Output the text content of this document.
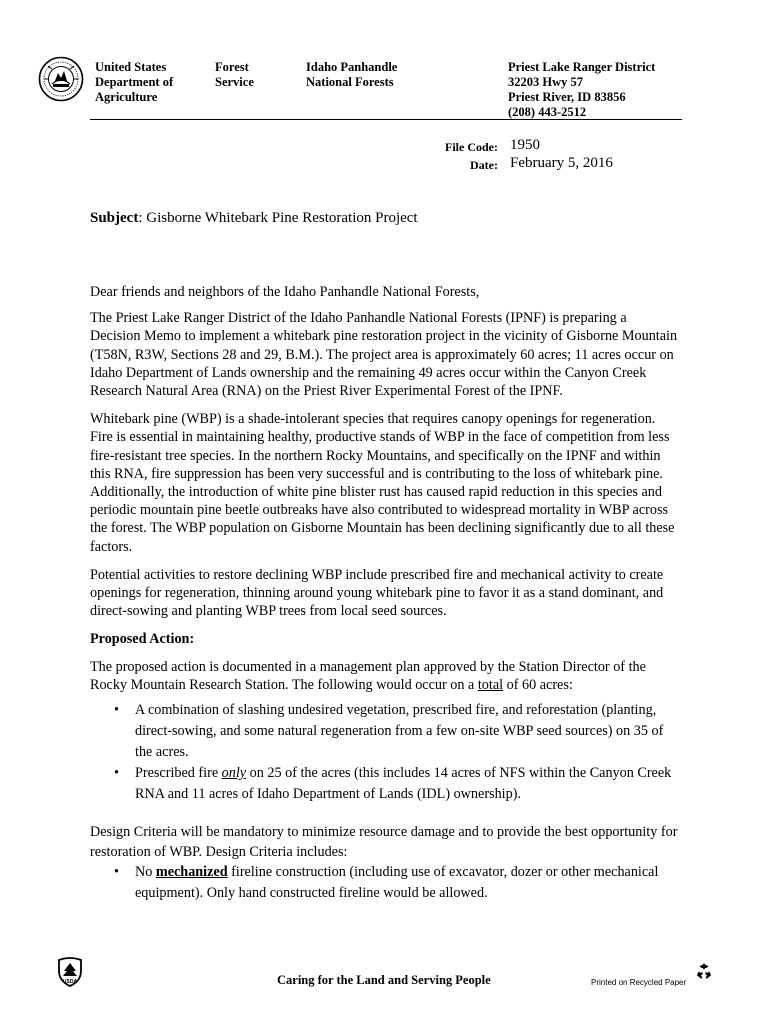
United States
Department of
Agriculture
Forest
Service
Idaho Panhandle
National Forests
Priest Lake Ranger District
32203 Hwy 57
Priest River, ID 83856
(208) 443-2512
File Code: 1950
Date: February 5, 2016
Subject: Gisborne Whitebark Pine Restoration Project

Dear friends and neighbors of the Idaho Panhandle National Forests,

The Priest Lake Ranger District of the Idaho Panhandle National Forests (IPNF) is preparing a Decision Memo to implement a whitebark pine restoration project in the vicinity of Gisborne Mountain (T58N, R3W, Sections 28 and 29, B.M.). The project area is approximately 60 acres; 11 acres occur on Idaho Department of Lands ownership and the remaining 49 acres occur within the Canyon Creek Research Natural Area (RNA) on the Priest River Experimental Forest of the IPNF.

Whitebark pine (WBP) is a shade-intolerant species that requires canopy openings for regeneration. Fire is essential in maintaining healthy, productive stands of WBP in the face of competition from less fire-resistant tree species. In the northern Rocky Mountains, and specifically on the IPNF and within this RNA, fire suppression has been very successful and is contributing to the loss of whitebark pine. Additionally, the introduction of white pine blister rust has caused rapid reduction in this species and periodic mountain pine beetle outbreaks have also contributed to widespread mortality in WBP across the forest. The WBP population on Gisborne Mountain has been declining significantly due to all these factors.

Potential activities to restore declining WBP include prescribed fire and mechanical activity to create openings for regeneration, thinning around young whitebark pine to favor it as a stand dominant, and direct-sowing and planting WBP trees from local seed sources.

Proposed Action:

The proposed action is documented in a management plan approved by the Station Director of the Rocky Mountain Research Station. The following would occur on a total of 60 acres:

• A combination of slashing undesired vegetation, prescribed fire, and reforestation (planting, direct-sowing, and some natural regeneration from a few on-site WBP seed sources) on 35 of the acres.
• Prescribed fire only on 25 of the acres (this includes 14 acres of NFS within the Canyon Creek RNA and 11 acres of Idaho Department of Lands (IDL) ownership).

Design Criteria will be mandatory to minimize resource damage and to provide the best opportunity for restoration of WBP. Design Criteria includes:

• No mechanized fireline construction (including use of excavator, dozer or other mechanical equipment). Only hand constructed fireline would be allowed.
USDA	Caring for the Land and Serving People	Printed on Recycled Paper
